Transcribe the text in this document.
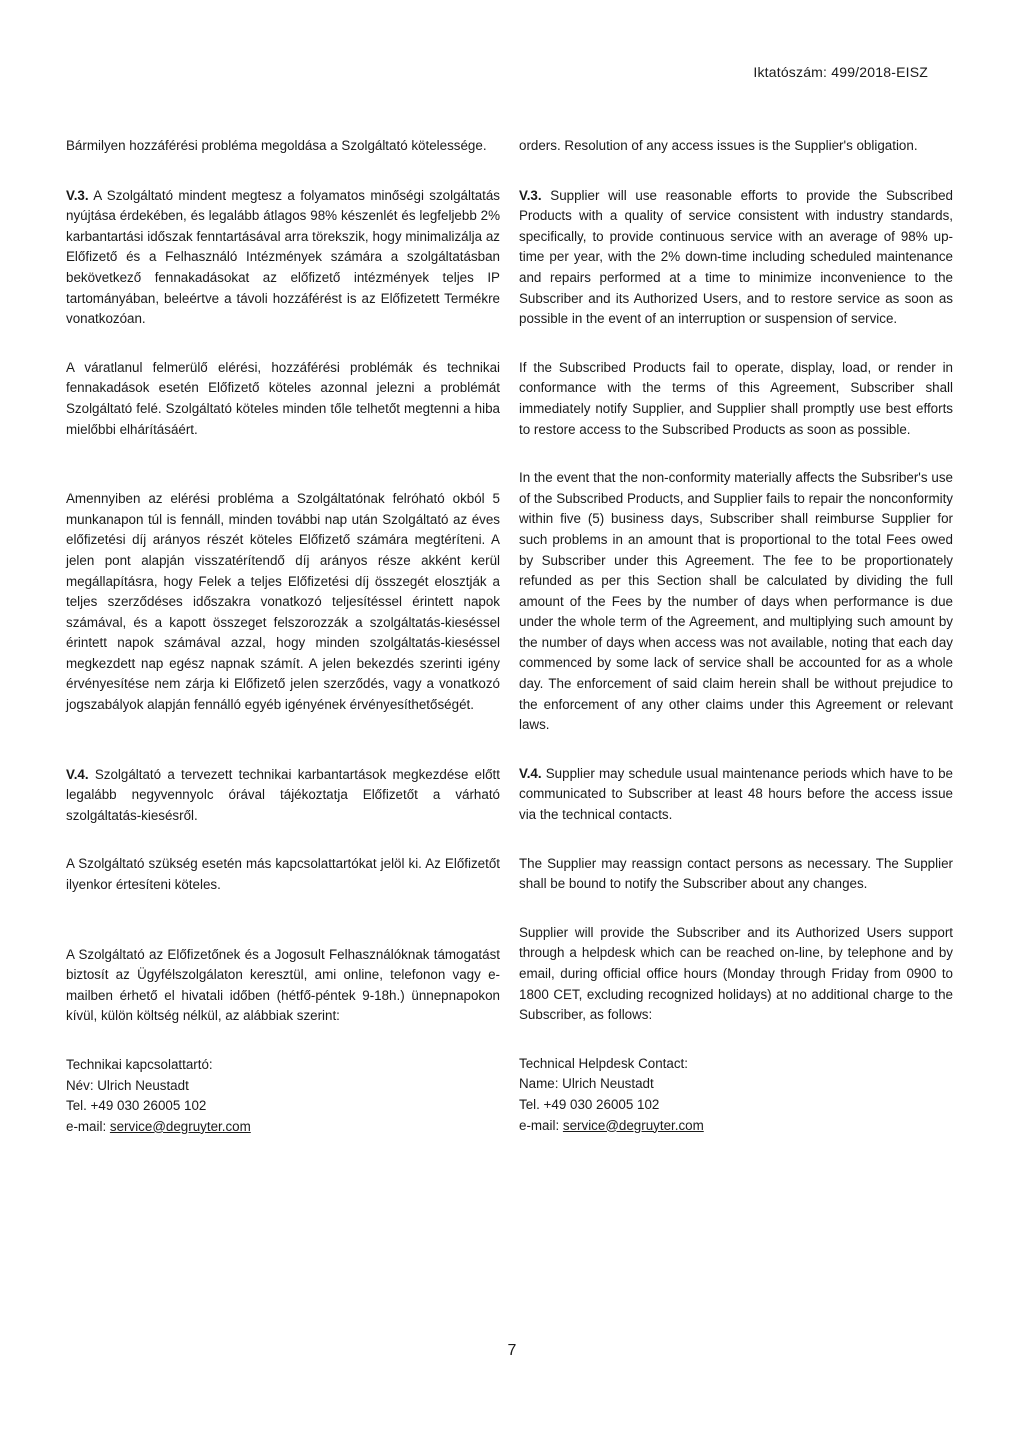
Iktatószám: 499/2018-EISZ

Bármilyen hozzáférési probléma megoldása a Szolgáltató kötelessége.

V.3. A Szolgáltató mindent megtesz a folyamatos minőségi szolgáltatás nyújtása érdekében, és legalább átlagos 98% készenlét és legfeljebb 2% karbantartási időszak fenntartásával arra törekszik, hogy minimalizálja az Előfizető és a Felhasználó Intézmények számára a szolgáltatásban bekövetkező fennakadásokat az előfizető intézmények teljes IP tartományában, beleértve a távoli hozzáférést is az Előfizetett Termékre vonatkozóan.

A váratlanul felmerülő elérési, hozzáférési problémák és technikai fennakadások esetén Előfizető köteles azonnal jelezni a problémát Szolgáltató felé. Szolgáltató köteles minden tőle telhetőt megtenni a hiba mielőbbi elhárításáért.

Amennyiben az elérési probléma a Szolgáltatónak felróható okból 5 munkanapon túl is fennáll, minden további nap után Szolgáltató az éves előfizetési díj arányos részét köteles Előfizető számára megtéríteni. A jelen pont alapján visszatérítendő díj arányos része akként kerül megállapításra, hogy Felek a teljes Előfizetési díj összegét elosztják a teljes szerződéses időszakra vonatkozó teljesítéssel érintett napok számával, és a kapott összeget felszorozzák a szolgáltatás-kieséssel érintett napok számával azzal, hogy minden szolgáltatás-kieséssel megkezdett nap egész napnak számít. A jelen bekezdés szerinti igény érvényesítése nem zárja ki Előfizető jelen szerződés, vagy a vonatkozó jogszabályok alapján fennálló egyéb igényének érvényesíthetőségét.

V.4. Szolgáltató a tervezett technikai karbantartások megkezdése előtt legalább negyvennyolc órával tájékoztatja Előfizetőt a várható szolgáltatás-kiesésről.

A Szolgáltató szükség esetén más kapcsolattartókat jelöl ki. Az Előfizetőt ilyenkor értesíteni köteles.

A Szolgáltató az Előfizetőnek és a Jogosult Felhasználóknak támogatást biztosít az Ügyfélszolgálaton keresztül, ami online, telefonon vagy e-mailben érhető el hivatali időben (hétfő-péntek 9-18h.) ünnepnapokon kívül, külön költség nélkül, az alábbiak szerint:

Technikai kapcsolattartó:
Név: Ulrich Neustadt
Tel. +49 030 26005 102
e-mail: service@degruyter.com

orders. Resolution of any access issues is the Supplier's obligation.

V.3. Supplier will use reasonable efforts to provide the Subscribed Products with a quality of service consistent with industry standards, specifically, to provide continuous service with an average of 98% up-time per year, with the 2% down-time including scheduled maintenance and repairs performed at a time to minimize inconvenience to the Subscriber and its Authorized Users, and to restore service as soon as possible in the event of an interruption or suspension of service.

If the Subscribed Products fail to operate, display, load, or render in conformance with the terms of this Agreement, Subscriber shall immediately notify Supplier, and Supplier shall promptly use best efforts to restore access to the Subscribed Products as soon as possible.

In the event that the non-conformity materially affects the Subsriber's use of the Subscribed Products, and Supplier fails to repair the nonconformity within five (5) business days, Subscriber shall reimburse Supplier for such problems in an amount that is proportional to the total Fees owed by Subscriber under this Agreement. The fee to be proportionately refunded as per this Section shall be calculated by dividing the full amount of the Fees by the number of days when performance is due under the whole term of the Agreement, and multiplying such amount by the number of days when access was not available, noting that each day commenced by some lack of service shall be accounted for as a whole day. The enforcement of said claim herein shall be without prejudice to the enforcement of any other claims under this Agreement or relevant laws.

V.4. Supplier may schedule usual maintenance periods which have to be communicated to Subscriber at least 48 hours before the access issue via the technical contacts.

The Supplier may reassign contact persons as necessary. The Supplier shall be bound to notify the Subscriber about any changes.

Supplier will provide the Subscriber and its Authorized Users support through a helpdesk which can be reached on-line, by telephone and by email, during official office hours (Monday through Friday from 0900 to 1800 CET, excluding recognized holidays) at no additional charge to the Subscriber, as follows:

Technical Helpdesk Contact:
Name: Ulrich Neustadt
Tel. +49 030 26005 102
e-mail: service@degruyter.com
7
